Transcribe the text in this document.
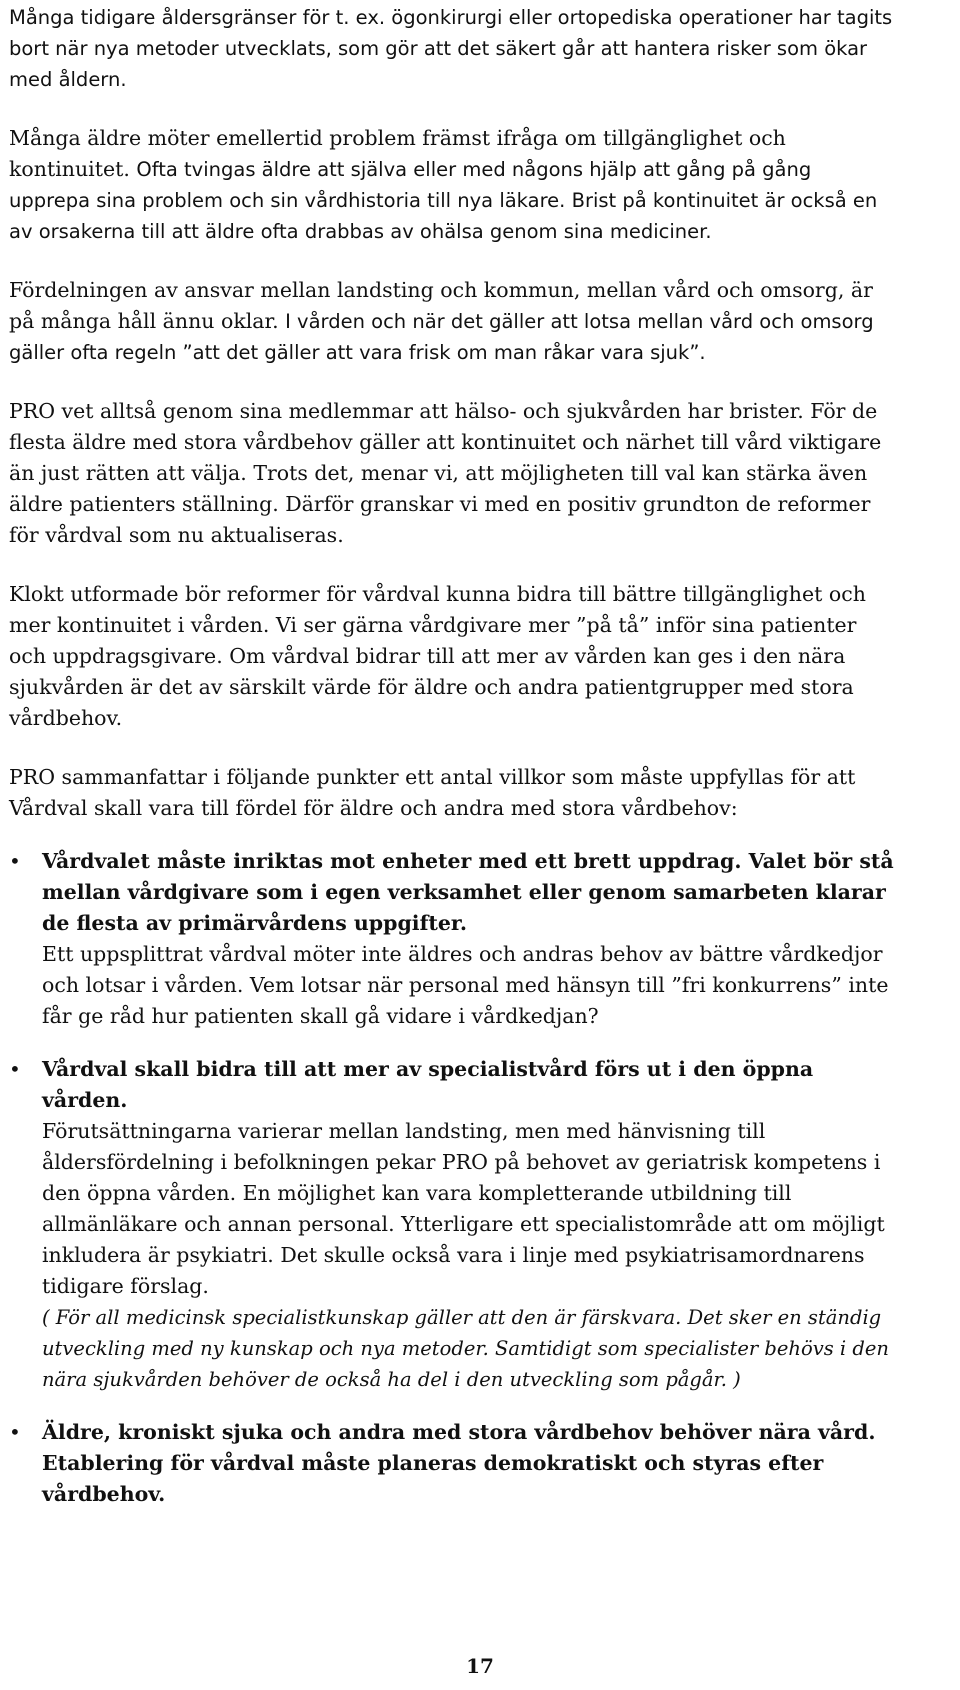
Många tidigare åldersgränser för t. ex. ögonkirurgi eller ortopediska operationer har tagits bort när nya metoder utvecklats, som gör att det säkert går att hantera risker som ökar med åldern.

Många äldre möter emellertid problem främst ifråga om tillgänglighet och kontinuitet. Ofta tvingas äldre att själva eller med någons hjälp att gång på gång upprepa sina problem och sin vårdhistoria till nya läkare. Brist på kontinuitet är också en av orsakerna till att äldre ofta drabbas av ohälsa genom sina mediciner.

Fördelningen av ansvar mellan landsting och kommun, mellan vård och omsorg, är på många håll ännu oklar. I vården och när det gäller att lotsa mellan vård och omsorg gäller ofta regeln ”att det gäller att vara frisk om man råkar vara sjuk”.

PRO vet alltså genom sina medlemmar att hälso- och sjukvården har brister. För de flesta äldre med stora vårdbehov gäller att kontinuitet och närhet till vård viktigare än just rätten att välja. Trots det, menar vi, att möjligheten till val kan stärka även äldre patienters ställning. Därför granskar vi med en positiv grundton de reformer för vårdval som nu aktualiseras.

Klokt utformade bör reformer för vårdval kunna bidra till bättre tillgänglighet och mer kontinuitet i vården. Vi ser gärna vårdgivare mer ”på tå” inför sina patienter och uppdragsgivare. Om vårdval bidrar till att mer av vården kan ges i den nära sjukvården är det av särskilt värde för äldre och andra patientgrupper med stora vårdbehov.

PRO sammanfattar i följande punkter ett antal villkor som måste uppfyllas för att Vårdval skall vara till fördel för äldre och andra med stora vårdbehov:

•	Vårdvalet måste inriktas mot enheter med ett brett uppdrag. Valet bör stå mellan vårdgivare som i egen verksamhet eller genom samarbeten klarar de flesta av primärvårdens uppgifter.
Ett uppsplittrat vårdval möter inte äldres och andras behov av bättre vårdkedjor och lotsar i vården. Vem lotsar när personal med hänsyn till ”fri konkurrens” inte får ge råd hur patienten skall gå vidare i vårdkedjan?
•	Vårdval skall bidra till att mer av specialistvård förs ut i den öppna vården.
Förutsättningarna varierar mellan landsting, men med hänvisning till åldersfördelning i befolkningen pekar PRO på behovet av geriatrisk kompetens i den öppna vården. En möjlighet kan vara kompletterande utbildning till allmänläkare och annan personal. Ytterligare ett specialistområde att om möjligt inkludera är psykiatri. Det skulle också vara i linje med psykiatrisamordnarens tidigare förslag.
( För all medicinsk specialistkunskap gäller att den är färskvara. Det sker en ständig utveckling med ny kunskap och nya metoder. Samtidigt som specialister behövs i den nära sjukvården behöver de också ha del i den utveckling som pågår. )
•	Äldre, kroniskt sjuka och andra med stora vårdbehov behöver nära vård. Etablering för vårdval måste planeras demokratiskt och styras efter vårdbehov.
17
